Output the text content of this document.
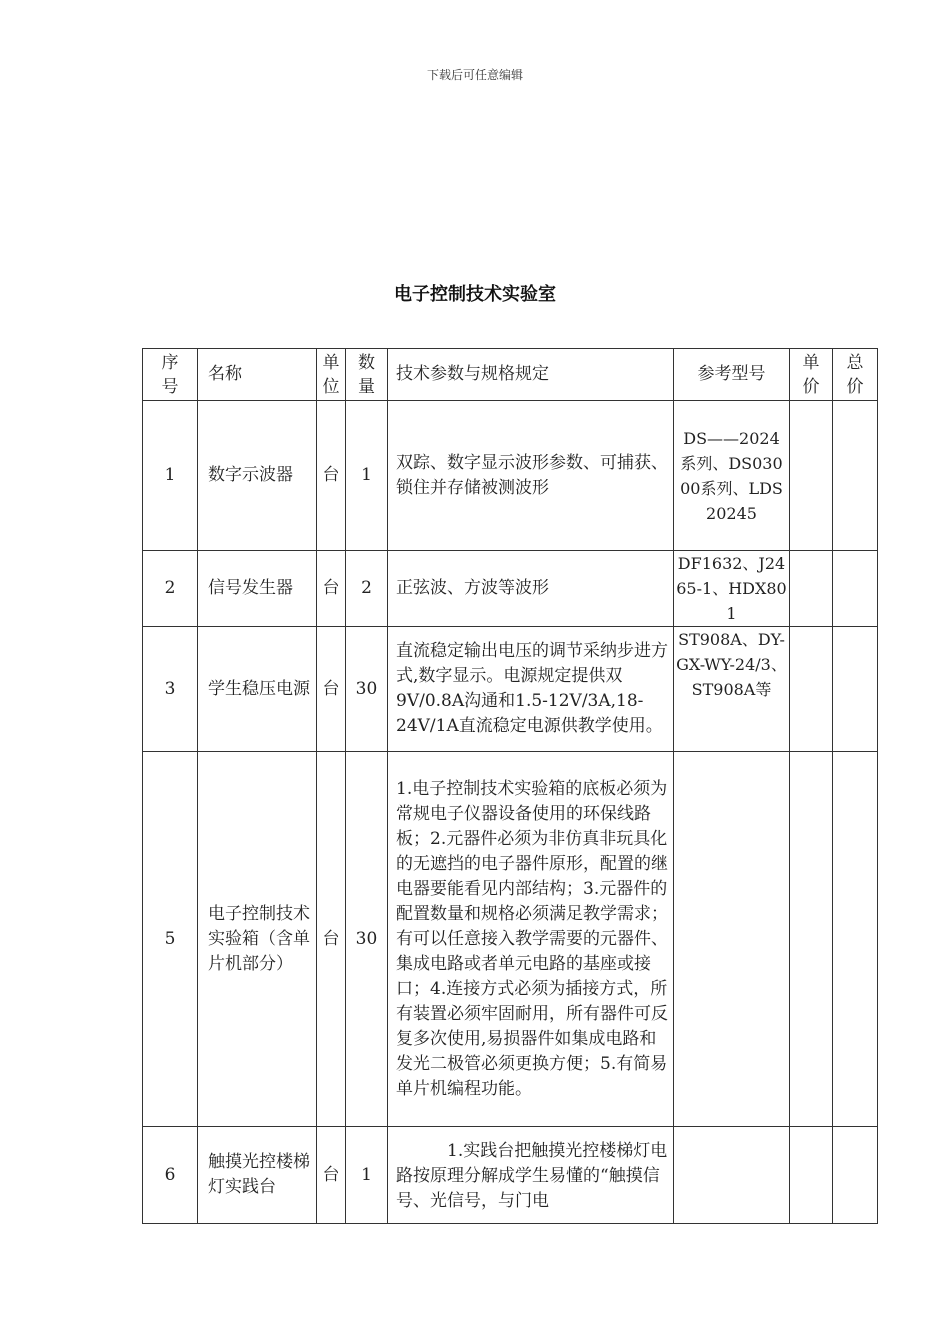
下载后可任意编辑
电子控制技术实验室
序号	名称	单位	数量	技术参数与规格规定	参考型号	单价	总价

1	数字示波器	台	1	双踪、数字显示波形参数、可捕获、锁住并存储被测波形	DS——2024系列、DS03000系列、LDS20245		
2	信号发生器	台	2	正弦波、方波等波形	DF1632、J2465-1、HDX801		
3	学生稳压电源	台	30	直流稳定输出电压的调节采纳步进方式,数字显示。电源规定提供双9V/0.8A沟通和1.5-12V/3A,18-24V/1A直流稳定电源供教学使用。	ST908A、DY-GX-WY-24/3、ST908A等		
5	电子控制技术实验箱（含单片机部分）	台	30	1.电子控制技术实验箱的底板必须为常规电子仪器设备使用的环保线路板；2.元器件必须为非仿真非玩具化的无遮挡的电子器件原形，配置的继电器要能看见内部结构；3.元器件的配置数量和规格必须满足教学需求；有可以任意接入教学需要的元器件、集成电路或者单元电路的基座或接口；4.连接方式必须为插接方式，所有装置必须牢固耐用，所有器件可反复多次使用,易损器件如集成电路和发光二极管必须更换方便；5.有简易单片机编程功能。			
6	触摸光控楼梯灯实践台	台	1	1.实践台把触摸光控楼梯灯电路按原理分解成学生易懂的“触摸信号、光信号，与门电			
